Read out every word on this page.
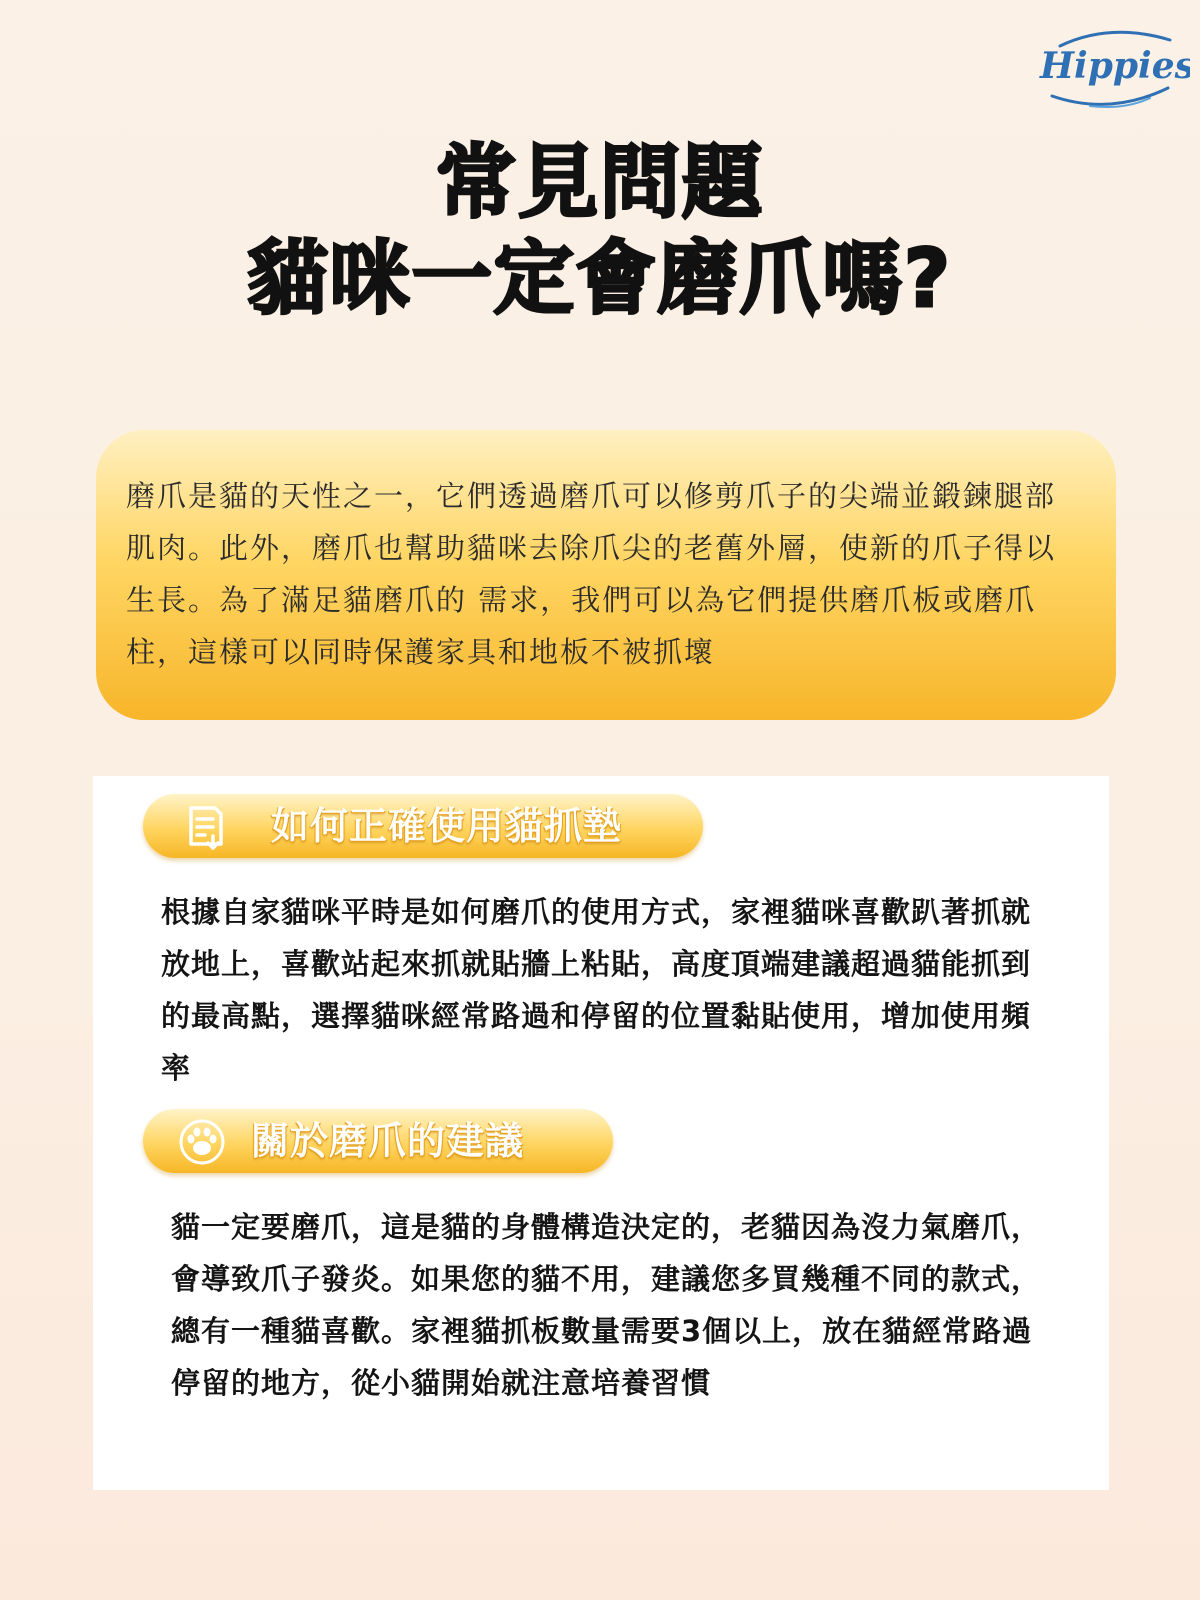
Hippies
常見問題
貓咪一定會磨爪嗎?
磨爪是貓的天性之一，它們透過磨爪可以修剪爪子的尖端並鍛鍊腿部肌肉。此外，磨爪也幫助貓咪去除爪尖的老舊外層，使新的爪子得以生長。為了滿足貓磨爪的 需求，我們可以為它們提供磨爪板或磨爪柱，這樣可以同時保護家具和地板不被抓壞
如何正確使用貓抓墊
根據自家貓咪平時是如何磨爪的使用方式，家裡貓咪喜歡趴著抓就放地上，喜歡站起來抓就貼牆上粘貼，高度頂端建議超過貓能抓到的最高點，選擇貓咪經常路過和停留的位置黏貼使用，增加使用頻率
關於磨爪的建議
貓一定要磨爪，這是貓的身體構造決定的，老貓因為沒力氣磨爪，會導致爪子發炎。如果您的貓不用，建議您多買幾種不同的款式，總有一種貓喜歡。家裡貓抓板數量需要3個以上，放在貓經常路過停留的地方，從小貓開始就注意培養習慣
